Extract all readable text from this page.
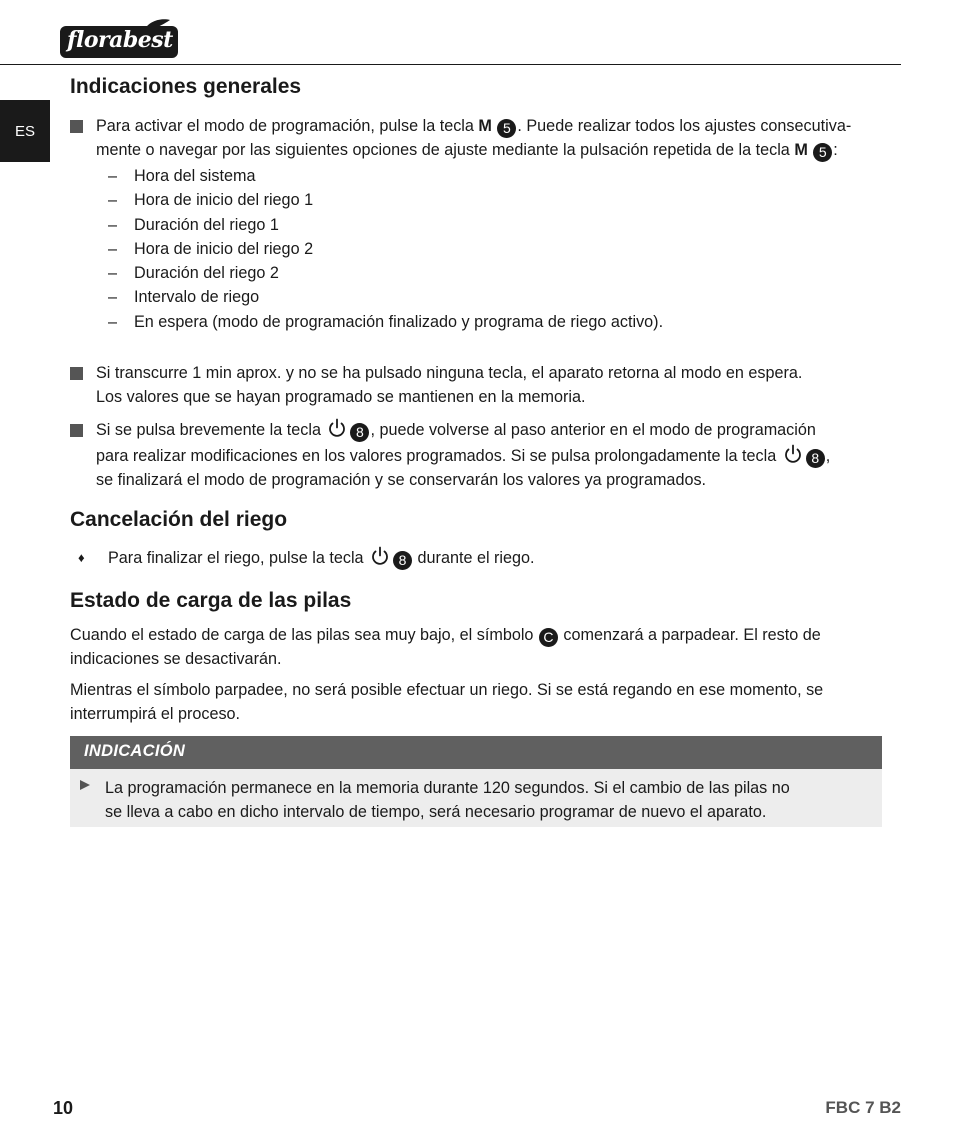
florabest
ES
Indicaciones generales
Para activar el modo de programación, pulse la tecla M 5 . Puede realizar todos los ajustes consecutiva-
mente o navegar por las siguientes opciones de ajuste mediante la pulsación repetida de la tecla M 5 :
– Hora del sistema
– Hora de inicio del riego 1
– Duración del riego 1
– Hora de inicio del riego 2
– Duración del riego 2
– Intervalo de riego
– En espera (modo de programación finalizado y programa de riego activo).
Si transcurre 1 min aprox. y no se ha pulsado ninguna tecla, el aparato retorna al modo en espera.
Los valores que se hayan programado se mantienen en la memoria.
Si se pulsa brevemente la tecla 8 , puede volverse al paso anterior en el modo de programación
para realizar modificaciones en los valores programados. Si se pulsa prolongadamente la tecla 8 ,
se finalizará el modo de programación y se conservarán los valores ya programados.
Cancelación del riego
♦ Para finalizar el riego, pulse la tecla 8 durante el riego.
Estado de carga de las pilas
Cuando el estado de carga de las pilas sea muy bajo, el símbolo C comenzará a parpadear. El resto de
indicaciones se desactivarán.
Mientras el símbolo parpadee, no será posible efectuar un riego. Si se está regando en ese momento, se
interrumpirá el proceso.
INDICACIÓN
La programación permanece en la memoria durante 120 segundos. Si el cambio de las pilas no
se lleva a cabo en dicho intervalo de tiempo, será necesario programar de nuevo el aparato.
10	FBC 7 B2
